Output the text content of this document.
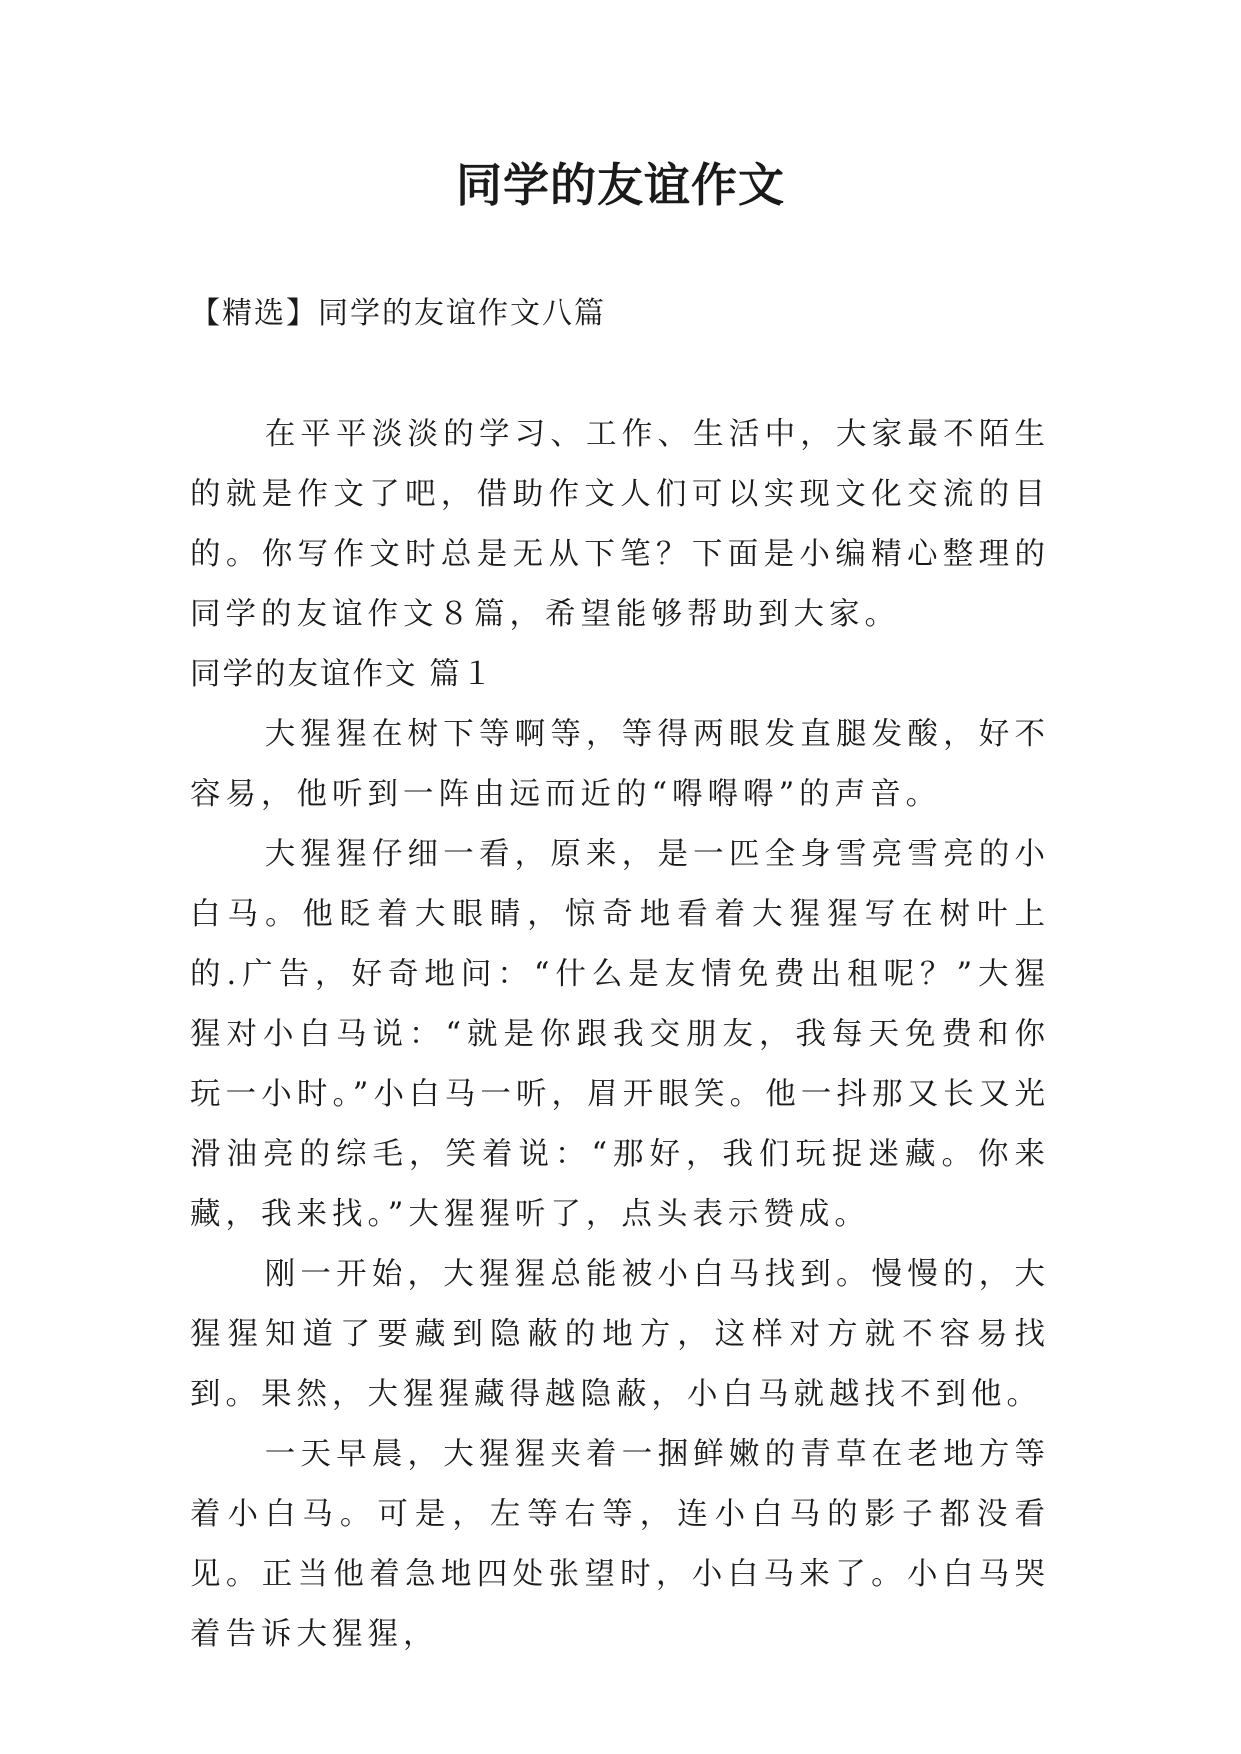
同学的友谊作文
【精选】同学的友谊作文八篇

在平平淡淡的学习、工作、生活中，大家最不陌生的就是作文了吧，借助作文人们可以实现文化交流的目的。你写作文时总是无从下笔？下面是小编精心整理的同学的友谊作文８篇，希望能够帮助到大家。

同学的友谊作文 篇１

大猩猩在树下等啊等，等得两眼发直腿发酸，好不容易，他听到一阵由远而近的“嘚嘚嘚”的声音。

大猩猩仔细一看，原来，是一匹全身雪亮雪亮的小白马。他眨着大眼睛，惊奇地看着大猩猩写在树叶上的.广告，好奇地问：“什么是友情免费出租呢？”大猩猩对小白马说：“就是你跟我交朋友，我每天免费和你玩一小时。”小白马一听，眉开眼笑。他一抖那又长又光滑油亮的综毛，笑着说：“那好，我们玩捉迷藏。你来藏，我来找。”大猩猩听了，点头表示赞成。

刚一开始，大猩猩总能被小白马找到。慢慢的，大猩猩知道了要藏到隐蔽的地方，这样对方就不容易找到。果然，大猩猩藏得越隐蔽，小白马就越找不到他。

一天早晨，大猩猩夹着一捆鲜嫩的青草在老地方等着小白马。可是，左等右等，连小白马的影子都没看见。正当他着急地四处张望时，小白马来了。小白马哭着告诉大猩猩，
